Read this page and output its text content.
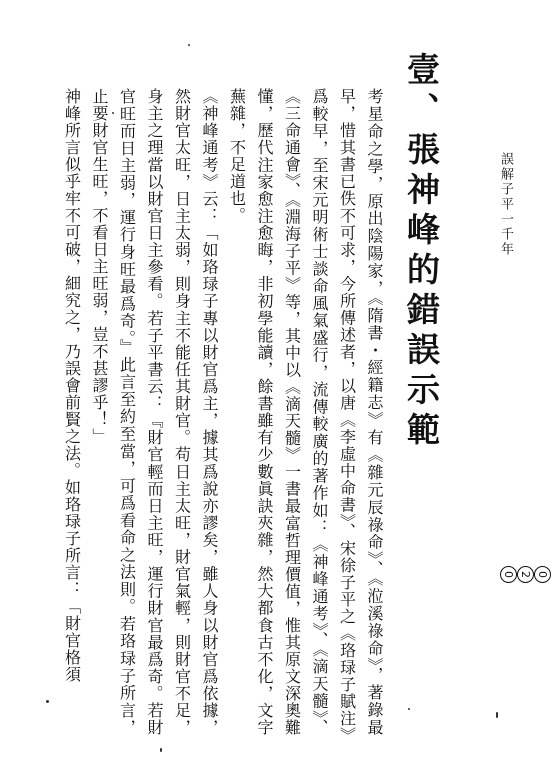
誤解子平一千年
0
2
0
壹、張神峰的錯誤示範

考星命之學，原出陰陽家，《隋書・經籍志》有《雜元辰祿命》、《涖溪祿命》，著錄最早，惜其書已佚不可求，今所傳述者，以唐《李虛中命書》、宋徐子平之《珞琭子賦注》爲較早，至宋元明術士談命風氣盛行，流傳較廣的著作如：《神峰通考》、《滴天髓》、《三命通會》、《淵海子平》等，其中以《滴天髓》一書最富哲理價值，惟其原文深奧難懂，歷代注家愈注愈晦，非初學能讀，餘書雖有少數眞訣夾雜，然大都食古不化，文字蕪雜，不足道也。

《神峰通考》云：「如珞琭子專以財官爲主，據其爲說亦謬矣，雖人身以財官爲依據，然財官太旺，日主太弱，則身主不能任其財官。苟日主太旺，財官氣輕，則財官不足，身主之理當以財官日主參看。若子平書云：『財官輕而日主旺，運行財官最爲奇。若財官旺而日主弱，運行身旺最爲奇。』此言至約至當，可爲看命之法則。若珞琭子所言，止要財官生旺，不看日主旺弱，豈不甚謬乎！」

神峰所言似乎牢不可破，細究之，乃誤會前賢之法。如珞琭子所言：「財官格須
